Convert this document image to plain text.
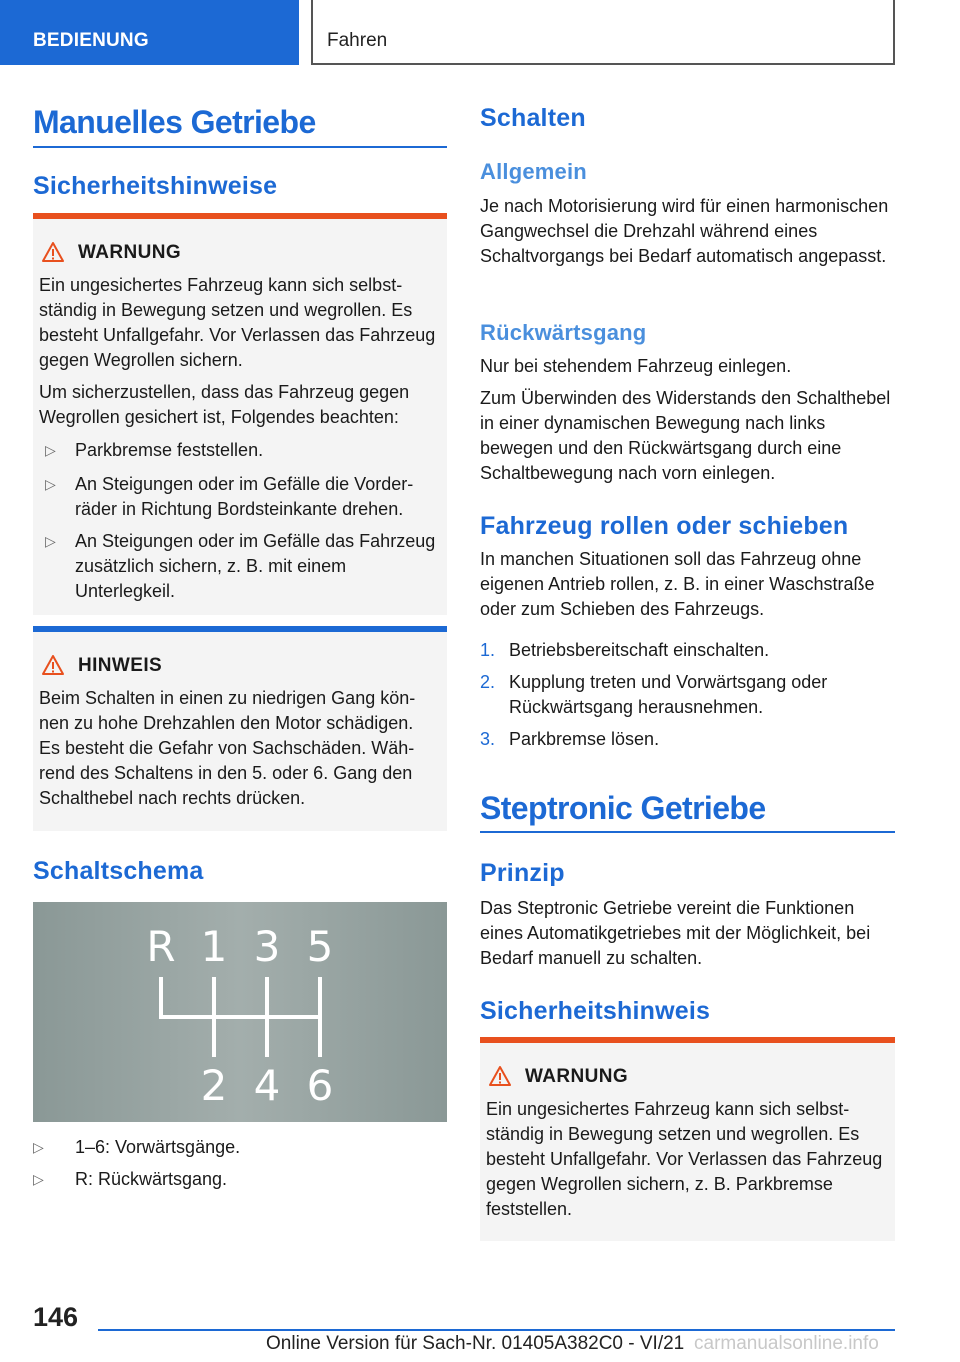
BEDIENUNG	Fahren
Manuelles Getriebe
Sicherheitshinweise
WARNUNG
Ein ungesichertes Fahrzeug kann sich selbstständig in Bewegung setzen und wegrollen. Es besteht Unfallgefahr. Vor Verlassen das Fahrzeug gegen Wegrollen sichern.
Um sicherzustellen, dass das Fahrzeug gegen Wegrollen gesichert ist, Folgendes beachten:
▷ Parkbremse feststellen.
▷ An Steigungen oder im Gefälle die Vorderräder in Richtung Bordsteinkante drehen.
▷ An Steigungen oder im Gefälle das Fahrzeug zusätzlich sichern, z. B. mit einem Unterlegkeil.
HINWEIS
Beim Schalten in einen zu niedrigen Gang können zu hohe Drehzahlen den Motor schädigen. Es besteht die Gefahr von Sachschäden. Während des Schaltens in den 5. oder 6. Gang den Schalthebel nach rechts drücken.
Schaltschema
▷ 1–6: Vorwärtsgänge.
▷ R: Rückwärtsgang.
R 1 3 5
2 4 6
Schalten
Allgemein
Je nach Motorisierung wird für einen harmonischen Gangwechsel die Drehzahl während eines Schaltvorgangs bei Bedarf automatisch angepasst.
Rückwärtsgang
Nur bei stehendem Fahrzeug einlegen.
Zum Überwinden des Widerstands den Schalthebel in einer dynamischen Bewegung nach links bewegen und den Rückwärtsgang durch eine Schaltbewegung nach vorn einlegen.
Fahrzeug rollen oder schieben
In manchen Situationen soll das Fahrzeug ohne eigenen Antrieb rollen, z. B. in einer Waschstraße oder zum Schieben des Fahrzeugs.
1. Betriebsbereitschaft einschalten.
2. Kupplung treten und Vorwärtsgang oder Rückwärtsgang herausnehmen.
3. Parkbremse lösen.
Steptronic Getriebe
Prinzip
Das Steptronic Getriebe vereint die Funktionen eines Automatikgetriebes mit der Möglichkeit, bei Bedarf manuell zu schalten.
Sicherheitshinweis
WARNUNG
Ein ungesichertes Fahrzeug kann sich selbstständig in Bewegung setzen und wegrollen. Es besteht Unfallgefahr. Vor Verlassen das Fahrzeug gegen Wegrollen sichern, z. B. Parkbremse feststellen.
146
Online Version für Sach-Nr. 01405A382C0 - VI/21 carmanualsonline.info
